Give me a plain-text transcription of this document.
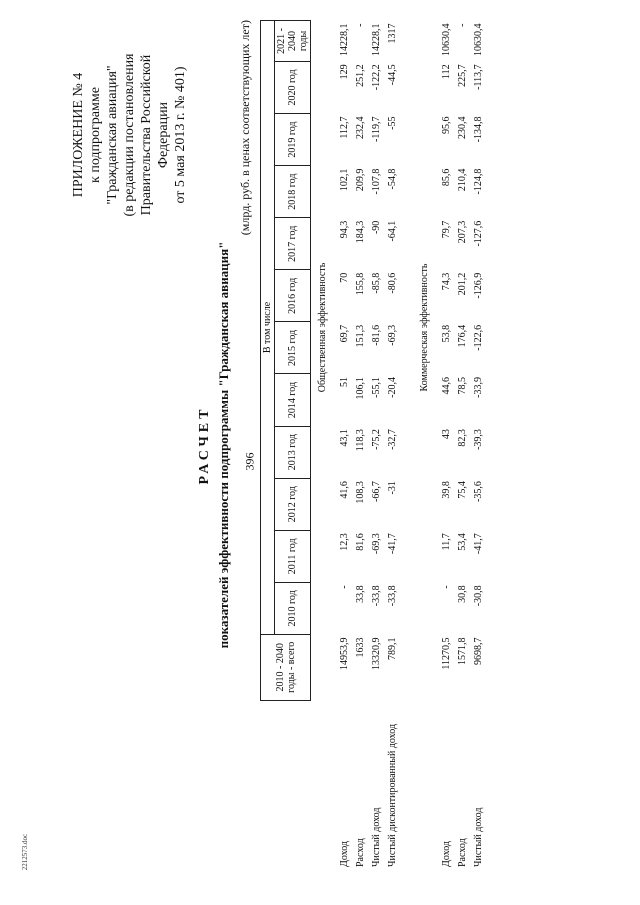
396
2212573.doc
ПРИЛОЖЕНИЕ № 4 к подпрограмме "Гражданская авиация" (в редакции постановления Правительства Российской Федерации от 5 мая 2013 г. № 401)
РАСЧЕТ показателей эффективности подпрограммы "Гражданская авиация"
(млрд. руб. в ценах соответствующих лет)
	2010 - 2040 годы - всего	В том числе											
		2010 год	2011 год	2012 год	2013 год	2014 год	2015 год	2016 год	2017 год	2018 год	2019 год	2020 год	2021 - 2040 годы
		Общественная эффективность											

Доход	14953,9	-	12,3	41,6	43,1	51	69,7	70	94,3	102,1	112,7	129	14228,1
Расход	1633	33,8	81,6	108,3	118,3	106,1	151,3	155,8	184,3	209,9	232,4	251,2	-
Чистый доход	13320,9	-33,8	-69,3	-66,7	-75,2	-55,1	-81,6	-85,8	-90	-107,8	-119,7	-122,2	14228,1
Чистый дисконтированный доход	789,1	-33,8	-41,7	-31	-32,7	-20,4	-69,3	-80,6	-64,1	-54,8	-55	-44,5	1317

		Коммерческая эффективность											

Доход	11270,5	-	11,7	39,8	43	44,6	53,8	74,3	79,7	85,6	95,6	112	10630,4
Расход	1571,8	30,8	53,4	75,4	82,3	78,5	176,4	201,2	207,3	210,4	230,4	225,7	-
Чистый доход	9698,7	-30,8	-41,7	-35,6	-39,3	-33,9	-122,6	-126,9	-127,6	-124,8	-134,8	-113,7	10630,4
